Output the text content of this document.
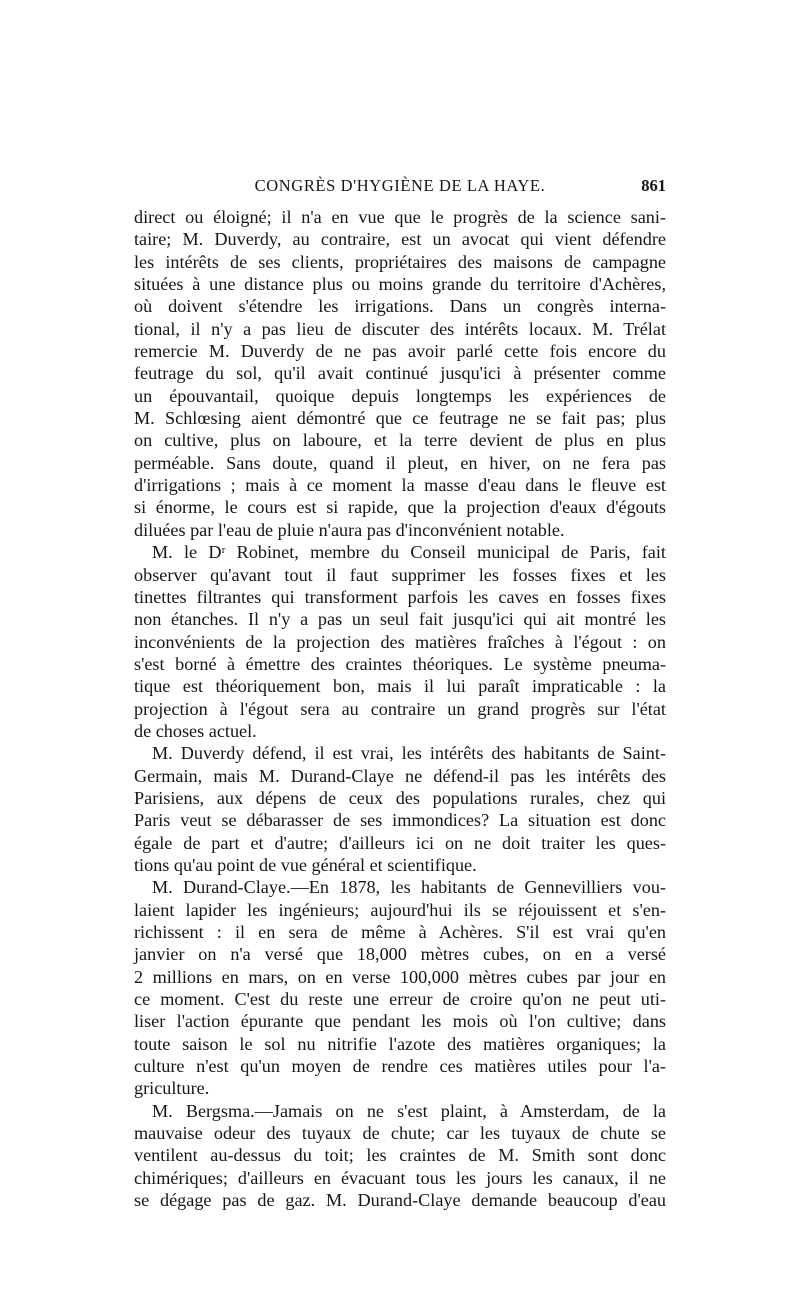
CONGRÈS D'HYGIÈNE DE LA HAYE.	861
direct ou éloigné; il n'a en vue que le progrès de la science sani-
taire; M. Duverdy, au contraire, est un avocat qui vient défendre
les intérêts de ses clients, propriétaires des maisons de campagne
situées à une distance plus ou moins grande du territoire d'Achères,
où doivent s'étendre les irrigations. Dans un congrès interna-
tional, il n'y a pas lieu de discuter des intérêts locaux. M. Trélat
remercie M. Duverdy de ne pas avoir parlé cette fois encore du
feutrage du sol, qu'il avait continué jusqu'ici à présenter comme
un épouvantail, quoique depuis longtemps les expériences de
M. Schlœsing aient démontré que ce feutrage ne se fait pas; plus
on cultive, plus on laboure, et la terre devient de plus en plus
perméable. Sans doute, quand il pleut, en hiver, on ne fera pas
d'irrigations ; mais à ce moment la masse d'eau dans le fleuve est
si énorme, le cours est si rapide, que la projection d'eaux d'égouts
diluées par l'eau de pluie n'aura pas d'inconvénient notable.
M. le Dʳ Robinet, membre du Conseil municipal de Paris, fait
observer qu'avant tout il faut supprimer les fosses fixes et les
tinettes filtrantes qui transforment parfois les caves en fosses fixes
non étanches. Il n'y a pas un seul fait jusqu'ici qui ait montré les
inconvénients de la projection des matières fraîches à l'égout : on
s'est borné à émettre des craintes théoriques. Le système pneuma-
tique est théoriquement bon, mais il lui paraît impraticable : la
projection à l'égout sera au contraire un grand progrès sur l'état
de choses actuel.
M. Duverdy défend, il est vrai, les intérêts des habitants de Saint-
Germain, mais M. Durand-Claye ne défend-il pas les intérêts des
Parisiens, aux dépens de ceux des populations rurales, chez qui
Paris veut se débarasser de ses immondices? La situation est donc
égale de part et d'autre; d'ailleurs ici on ne doit traiter les ques-
tions qu'au point de vue général et scientifique.
M. Durand-Claye.—En 1878, les habitants de Gennevilliers vou-
laient lapider les ingénieurs; aujourd'hui ils se réjouissent et s'en-
richissent : il en sera de même à Achères. S'il est vrai qu'en
janvier on n'a versé que 18,000 mètres cubes, on en a versé
2 millions en mars, on en verse 100,000 mètres cubes par jour en
ce moment. C'est du reste une erreur de croire qu'on ne peut uti-
liser l'action épurante que pendant les mois où l'on cultive; dans
toute saison le sol nu nitrifie l'azote des matières organiques; la
culture n'est qu'un moyen de rendre ces matières utiles pour l'a-
griculture.
M. Bergsma.—Jamais on ne s'est plaint, à Amsterdam, de la
mauvaise odeur des tuyaux de chute; car les tuyaux de chute se
ventilent au-dessus du toit; les craintes de M. Smith sont donc
chimériques; d'ailleurs en évacuant tous les jours les canaux, il ne
se dégage pas de gaz. M. Durand-Claye demande beaucoup d'eau
